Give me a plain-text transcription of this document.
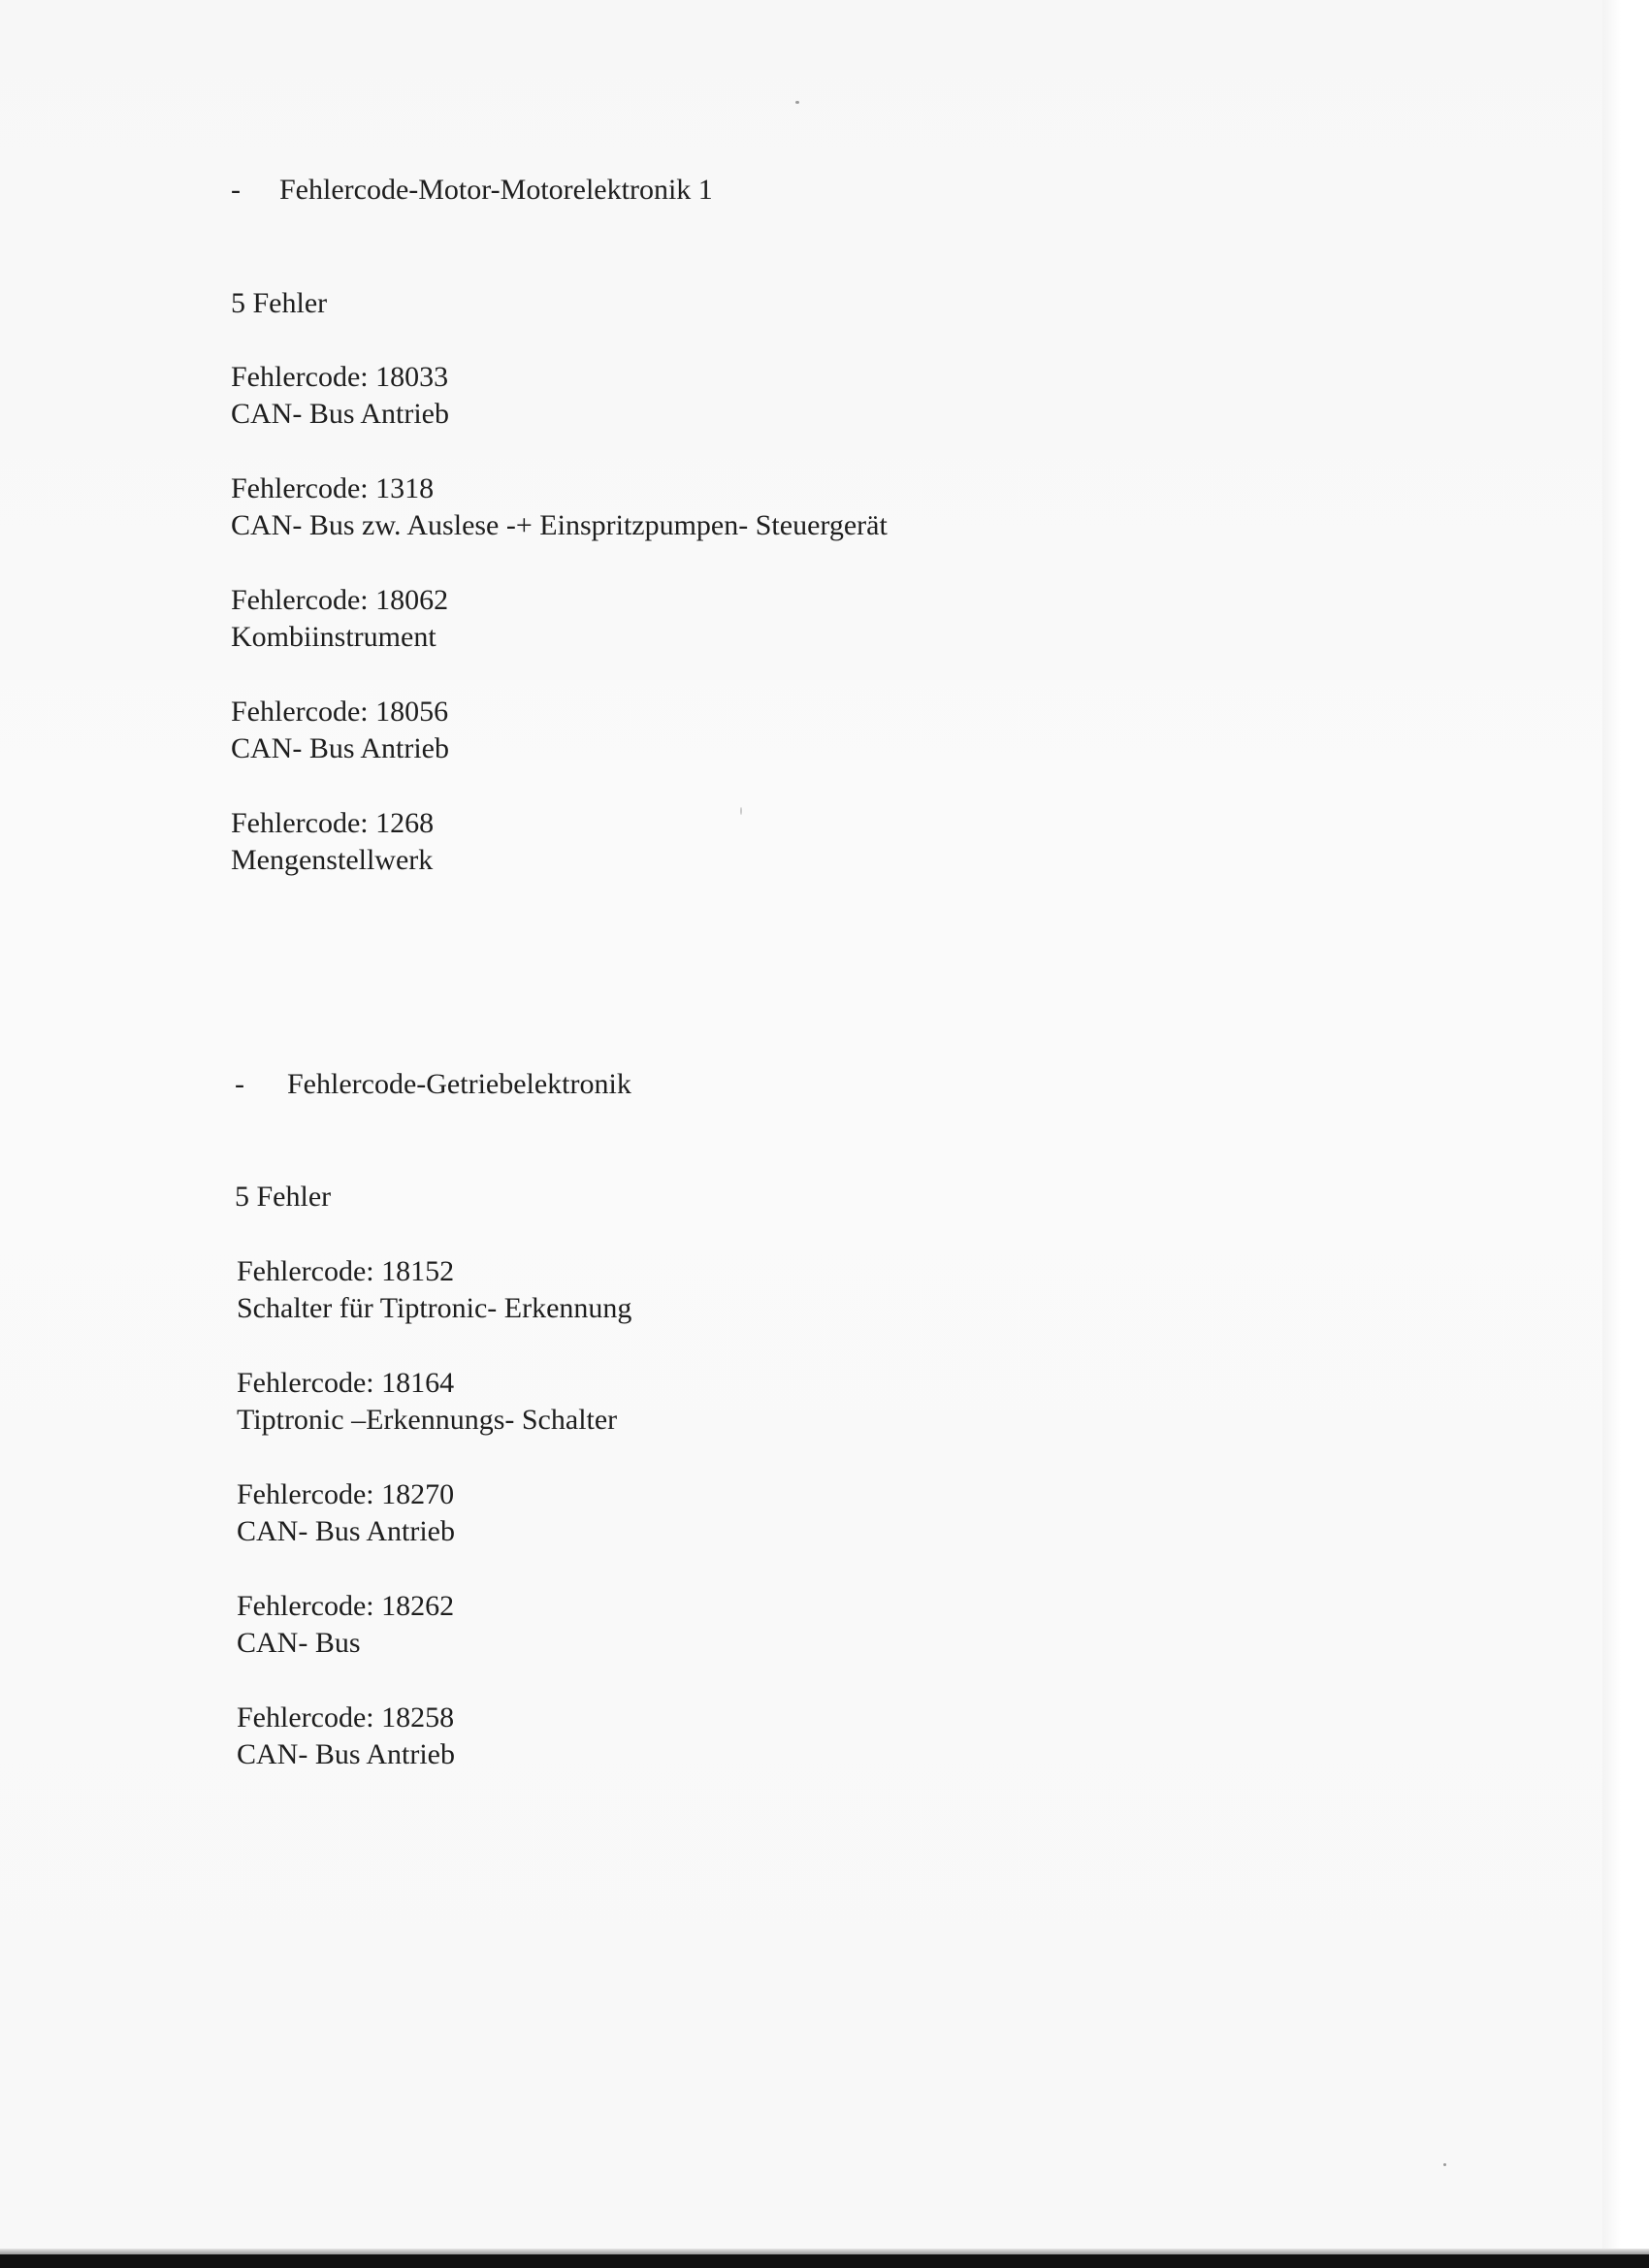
-	Fehlercode-Motor-Motorelektronik 1
5 Fehler
Fehlercode: 18033
CAN- Bus Antrieb
Fehlercode: 1318
CAN- Bus zw. Auslese -+ Einspritzpumpen- Steuergerät
Fehlercode: 18062
Kombiinstrument
Fehlercode: 18056
CAN- Bus Antrieb
Fehlercode: 1268
Mengenstellwerk
-	Fehlercode-Getriebelektronik
5 Fehler
Fehlercode: 18152
Schalter für Tiptronic- Erkennung
Fehlercode: 18164
Tiptronic –Erkennungs- Schalter
Fehlercode: 18270
CAN- Bus Antrieb
Fehlercode: 18262
CAN- Bus
Fehlercode: 18258
CAN- Bus Antrieb
